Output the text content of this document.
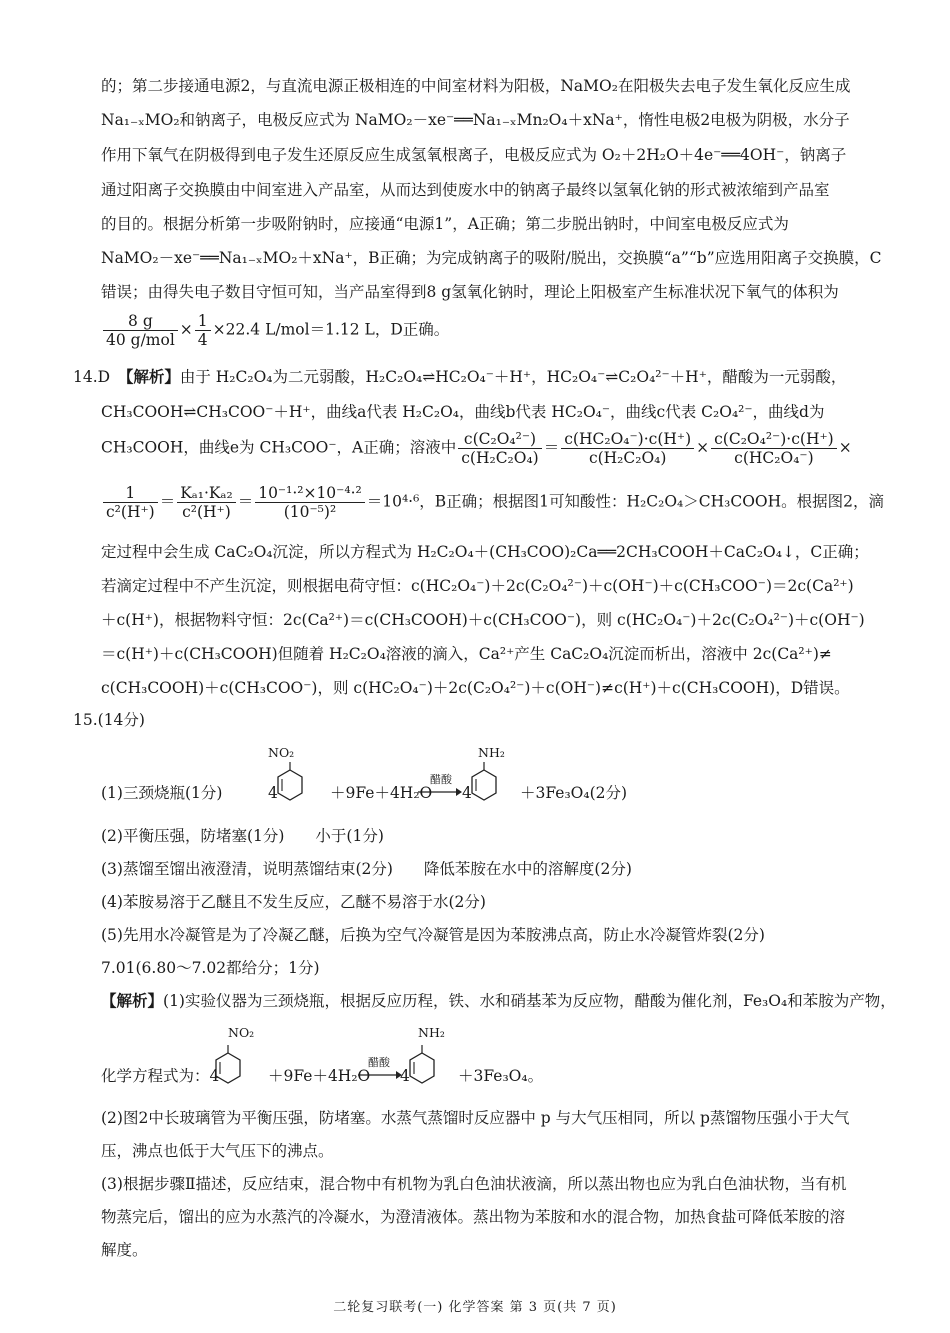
的；第二步接通电源2，与直流电源正极相连的中间室材料为阳极，NaMO₂在阳极失去电子发生氧化反应生成
Na₁₋ₓMO₂和钠离子，电极反应式为 NaMO₂－xe⁻══Na₁₋ₓMn₂O₄＋xNa⁺，惰性电极2电极为阴极，水分子
作用下氧气在阴极得到电子发生还原反应生成氢氧根离子，电极反应式为 O₂＋2H₂O＋4e⁻══4OH⁻，钠离子
通过阳离子交换膜由中间室进入产品室，从而达到使废水中的钠离子最终以氢氧化钠的形式被浓缩到产品室
的目的。根据分析第一步吸附钠时，应接通“电源1”，A正确；第二步脱出钠时，中间室电极反应式为
NaMO₂－xe⁻══Na₁₋ₓMO₂＋xNa⁺，B正确；为完成钠离子的吸附/脱出，交换膜“a”“b”应选用阳离子交换膜，C
错误；由得失电子数目守恒可知，当产品室得到8 g氢氧化钠时，理论上阳极室产生标准状况下氧气的体积为
$\frac{8 g}{\text{40 g/mol}} \times \frac{1}{4} \times 22.4$ L/mol＝1.12 L，D正确。
14.D　 【解析】由于 H₂C₂O₄为二元弱酸，H₂C₂O₄⇌HC₂O₄⁻＋H⁺，HC₂O₄⁻⇌C₂O₄²⁻＋H⁺，醋酸为一元弱酸，
CH₃COOH⇌CH₃COO⁻＋H⁺，曲线a代表 H₂C₂O₄，曲线b代表 HC₂O₄⁻，曲线c代表 C₂O₄²⁻，曲线d为
CH₃COOH，曲线e为 CH₃COO⁻，A正确；溶液中 $\frac{\text{c(C₂O₄²⁻)}}{\text{c(H₂C₂O₄)}} = \frac{\text{c(HC₂O₄⁻)·c(H⁺)}}{\text{c(H₂C₂O₄)}} \times \frac{\text{c(C₂O₄²⁻)·c(H⁺)}}{\text{c(HC₂O₄⁻)}}$ ×
$\frac{1}{\text{c²(H⁺)}} = \frac{\text{Kₐ₁·Kₐ₂}}{\text{c²(H⁺)}} = \frac{\text{10⁻¹·²×10⁻⁴·²}}{\text{(10⁻⁵)²}} =10^4\cdot^6$，B正确；根据图1可知酸性：H₂C₂O₄＞CH₃COOH。根据图2，滴
定过程中会生成 CaC₂O₄沉淀，所以方程式为 H₂C₂O₄＋(CH₃COO)₂Ca══2CH₃COOH＋CaC₂O₄↓，C正确；
若滴定过程中不产生沉淀，则根据电荷守恒：c(HC₂O₄⁻)＋2c(C₂O₄²⁻)＋c(OH⁻)＋c(CH₃COO⁻)＝2c(Ca²⁺)
＋c(H⁺)，根据物料守恒：2c(Ca²⁺)＝c(CH₃COOH)＋c(CH₃COO⁻)，则 c(HC₂O₄⁻)＋2c(C₂O₄²⁻)＋c(OH⁻)
＝c(H⁺)＋c(CH₃COOH)但随着 H₂C₂O₄溶液的滴入，Ca²⁺产生 CaC₂O₄沉淀而析出，溶液中 2c(Ca²⁺)≠
c(CH₃COOH)＋c(CH₃COO⁻)，则 c(HC₂O₄⁻)＋2c(C₂O₄²⁻)＋c(OH⁻)≠c(H⁺)＋c(CH₃COOH)，D错误。
15.(14分)
(1)三颈烧瓶(1分)
NO₂
4	＋9Fe＋4H₂O
醋酸
4
NH₂
＋3Fe₃O₄(2分)
(2)平衡压强，防堵塞(1分)　　小于(1分)
(3)蒸馏至馏出液澄清，说明蒸馏结束(2分)　　降低苯胺在水中的溶解度(2分)
(4)苯胺易溶于乙醚且不发生反应，乙醚不易溶于水(2分)
(5)先用水冷凝管是为了冷凝乙醚，后换为空气冷凝管是因为苯胺沸点高，防止水冷凝管炸裂(2分)
7.01(6.80～7.02都给分；1分)
【解析】(1)实验仪器为三颈烧瓶，根据反应历程，铁、水和硝基苯为反应物，醋酸为催化剂，Fe₃O₄和苯胺为产物，
NO₂
化学方程式为：4	＋9Fe＋4H₂O
醋酸
4
NH₂
＋3Fe₃O₄。
(2)图2中长玻璃管为平衡压强，防堵塞。水蒸气蒸馏时反应器中 p 与大气压相同，所以 p蒸馏物压强小于大气
压，沸点也低于大气压下的沸点。
(3)根据步骤Ⅱ描述，反应结束，混合物中有机物为乳白色油状液滴，所以蒸出物也应为乳白色油状物，当有机
物蒸完后，馏出的应为水蒸汽的冷凝水，为澄清液体。蒸出物为苯胺和水的混合物，加热食盐可降低苯胺的溶
解度。
二轮复习联考(一) 化学答案 第 3 页(共 7 页)
